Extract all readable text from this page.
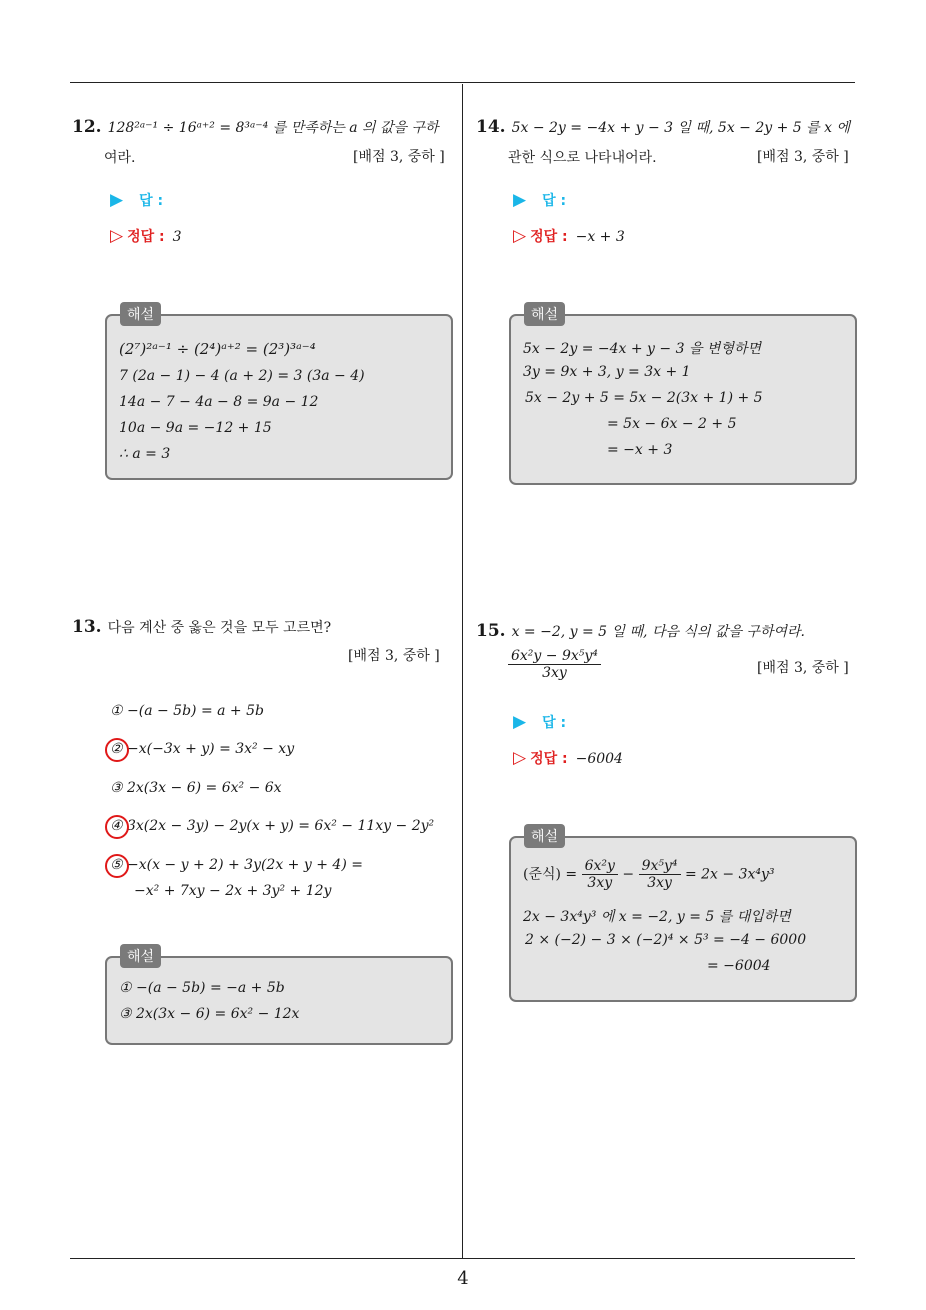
12. 128²ᵃ⁻¹ ÷ 16ᵃ⁺² = 8³ᵃ⁻⁴ 를 만족하는 a 의 값을 구하
여라.	[배점 3, 중하 ]
▶ 답 :
▷ 정답 : 3
(2⁷)²ᵃ⁻¹ ÷ (2⁴)ᵃ⁺² = (2³)³ᵃ⁻⁴
7 (2a − 1) − 4 (a + 2) = 3 (3a − 4)
14a − 7 − 4a − 8 = 9a − 12
10a − 9a = −12 + 15
∴ a = 3
해설
13. 다음 계산 중 옳은 것을 모두 고르면?
[배점 3, 중하 ]
① −(a − 5b) = a + 5b
② −x(−3x + y) = 3x² − xy
③ 2x(3x − 6) = 6x² − 6x
④ 3x(2x − 3y) − 2y(x + y) = 6x² − 11xy − 2y²
⑤ −x(x − y + 2) + 3y(2x + y + 4) =
−x² + 7xy − 2x + 3y² + 12y
① −(a − 5b) = −a + 5b
③ 2x(3x − 6) = 6x² − 12x
해설
14. 5x − 2y = −4x + y − 3 일 때, 5x − 2y + 5 를 x 에
관한 식으로 나타내어라.	[배점 3, 중하 ]
▶ 답 :
▷ 정답 : −x + 3
5x − 2y = −4x + y − 3 을 변형하면
3y = 9x + 3, y = 3x + 1
5x − 2y + 5 = 5x − 2(3x + 1) + 5
= 5x − 6x − 2 + 5
= −x + 3
해설
15. x = −2, y = 5 일 때, 다음 식의 값을 구하여라.
$\frac{\text{6x²y − 9x⁵y⁴}}{3xy}$	[배점 3, 중하 ]
▶ 답 :
▷ 정답 : −6004
(준식) = $\frac{\text{6x²y}}{3xy} - \frac{\text{9x⁵y⁴}}{3xy} = 2x - 3x^4y^3$
2x − 3x⁴y³ 에 x = −2, y = 5 를 대입하면
2 × (−2) − 3 × (−2)⁴ × 5³ = −4 − 6000
= −6004
해설
4
